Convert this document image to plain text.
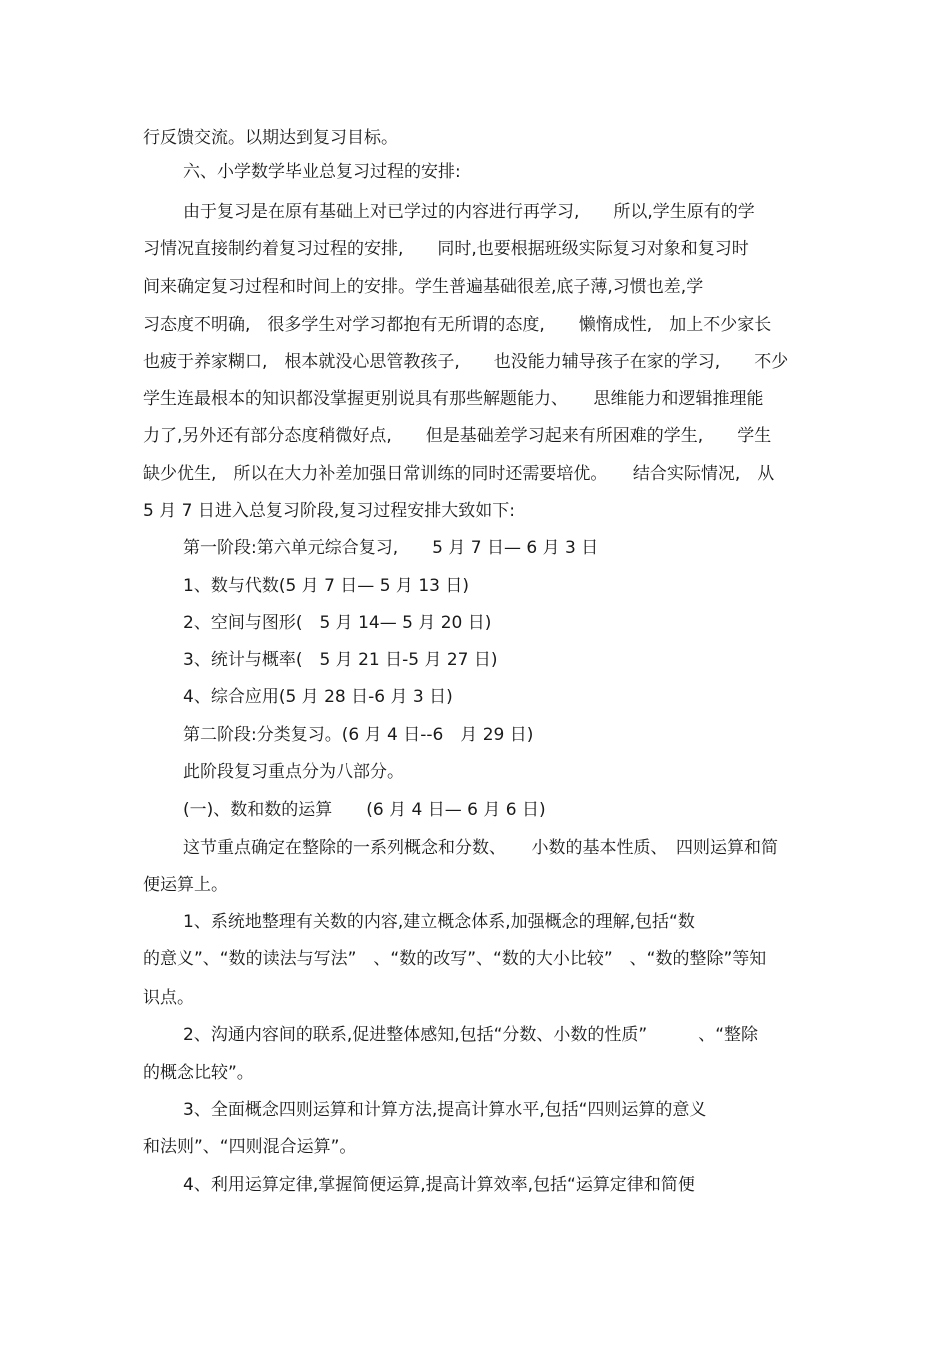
行反馈交流。以期达到复习目标。
六、小学数学毕业总复习过程的安排:
由于复习是在原有基础上对已学过的内容进行再学习,　　所以,学生原有的学
习情况直接制约着复习过程的安排,　　同时,也要根据班级实际复习对象和复习时
间来确定复习过程和时间上的安排。学生普遍基础很差,底子薄,习惯也差,学
习态度不明确,　很多学生对学习都抱有无所谓的态度,　　懒惰成性,　加上不少家长
也疲于养家糊口,　根本就没心思管教孩子,　　也没能力辅导孩子在家的学习,　　不少
学生连最根本的知识都没掌握更别说具有那些解题能力、　　思维能力和逻辑推理能
力了,另外还有部分态度稍微好点,　　但是基础差学习起来有所困难的学生,　　学生
缺少优生,　所以在大力补差加强日常训练的同时还需要培优。　　结合实际情况,　从
5 月 7 日进入总复习阶段,复习过程安排大致如下:
第一阶段:第六单元综合复习,　　5 月 7 日— 6 月 3 日
1、数与代数(5 月 7 日— 5 月 13 日)
2、空间与图形(　5 月 14— 5 月 20 日)
3、统计与概率(　5 月 21 日-5 月 27 日)
4、综合应用(5 月 28 日-6 月 3 日)
第二阶段:分类复习。(6 月 4 日--6　月 29 日)
此阶段复习重点分为八部分。
(一)、数和数的运算　　(6 月 4 日— 6 月 6 日)
这节重点确定在整除的一系列概念和分数、　　小数的基本性质、　四则运算和简
便运算上。
1、系统地整理有关数的内容,建立概念体系,加强概念的理解,包括“数
的意义”、“数的读法与写法”　、“数的改写”、“数的大小比较”　、“数的整除”等知
识点。
2、沟通内容间的联系,促进整体感知,包括“分数、小数的性质”　　　、“整除
的概念比较”。
3、全面概念四则运算和计算方法,提高计算水平,包括“四则运算的意义
和法则”、“四则混合运算”。
4、利用运算定律,掌握简便运算,提高计算效率,包括“运算定律和简便
